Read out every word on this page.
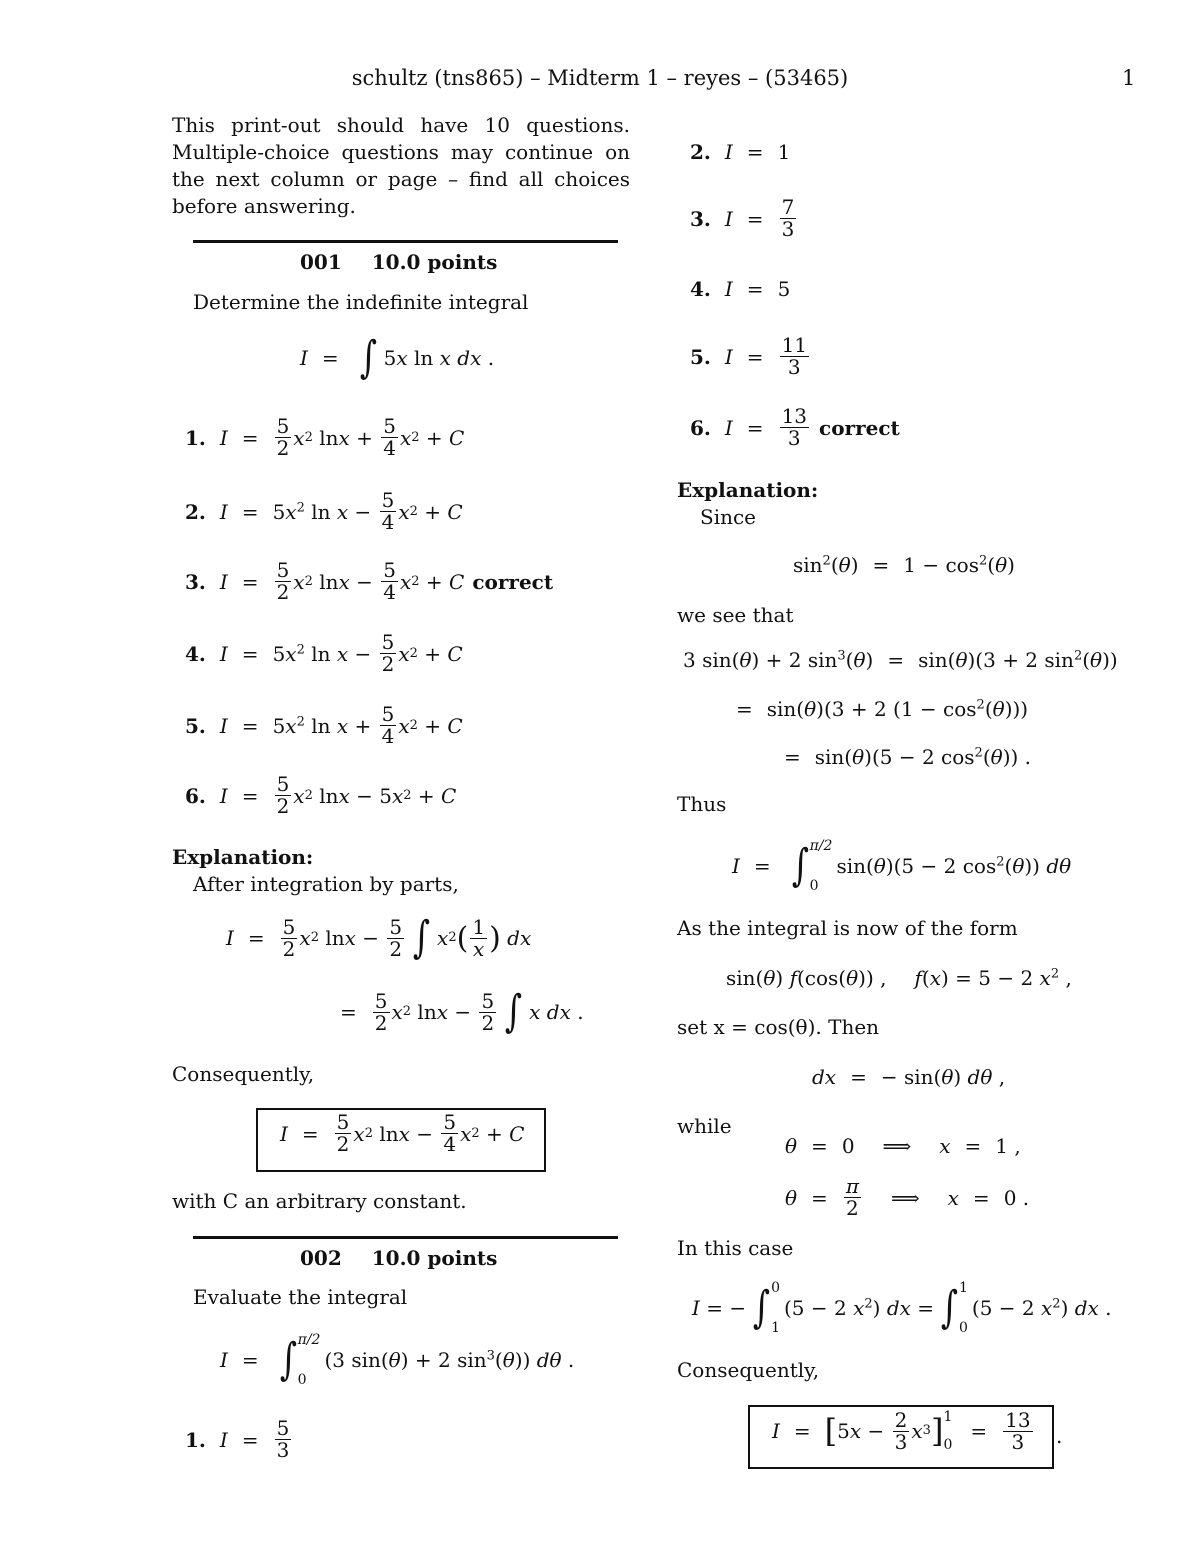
schultz (tns865) – Midterm 1 – reyes – (53465)	1
This print-out should have 10 questions. Multiple-choice questions may continue on the next column or page – find all choices before answering.
001 10.0 points
Determine the indefinite integral
I = ∫ 5x ln x dx .
1. $I = \frac{5}{2}$ x 2 $\ln x + \frac{5}{4}$ x 2 + C
2. $I = 5x^2$ $\ln x - \frac{5}{4}$ x 2 + C
3. $I = \frac{5}{2}$ x 2 $\ln x - \frac{5}{4}$ x 2 + C correct
4. $I = 5x^2$ $\ln x - \frac{5}{2}$ x 2 + C
5. $I = 5x^2$ $\ln x + \frac{5}{4}$ x 2 + C
6. $I = \frac{5}{2}$ x 2 ln x − 5 x 2 + C
Explanation:
After integration by parts,
$I = \frac{5}{2}$ x 2 $\ln x - \frac{5}{2}$ ∫ x 2 ( $\frac{1}{x}$ )
dx
= $\frac{5}{2}$ x 2 $\ln x - \frac{5}{2}$ ∫ x dx .
Consequently,
$I = \frac{5}{2}$ x 2 $\ln x - \frac{5}{4}$ x 2 + C
with C an arbitrary constant.
002 10.0 points
Evaluate the integral
I = ∫ π/2
0
(3 sin(θ) + 2 $\sin^3(\theta)$) dθ .
1. $I = \frac{5}{3}$
2. I = 1
3. $I = \frac{7}{3}$
4. I = 5
5. $I = \frac{11}{3}$
6. $I = \frac{13}{3}$ correct
Explanation:
Since
$\sin^2(\theta) = 1 - \cos^2(\theta)$
we see that
3 sin(θ) + 2 $\sin^3(\theta) = \sin(\theta)(3 + 2$ $\sin^2(\theta)$)
= sin(θ)(3 + 2 $(1 - \cos^2(\theta))$)
= sin(θ)(5 − 2 $\cos^2(\theta)$) .
Thus
I = ∫ π/2
0
sin(θ)(5 − 2 $\cos^2(\theta)$) dθ
As the integral is now of the form
sin(θ) f(cos(θ)) , f(x) = 5 − 2 $x^2$ ,
set x = cos(θ). Then
dx = − sin(θ) dθ ,
while
θ = 0 ⟹ x = 1 ,
$\theta = \frac{\pi}{2}$ ⟹ x = 0 .
In this case
I = − ∫ 0
1
(5 − 2 $x^2$) dx = ∫ 1
0
(5 − 2 $x^2$) dx .
Consequently,
I = [ 5 $x - \frac{2}{3}$ x 3 ] 1
0
= $\frac{13}{3}$ .
